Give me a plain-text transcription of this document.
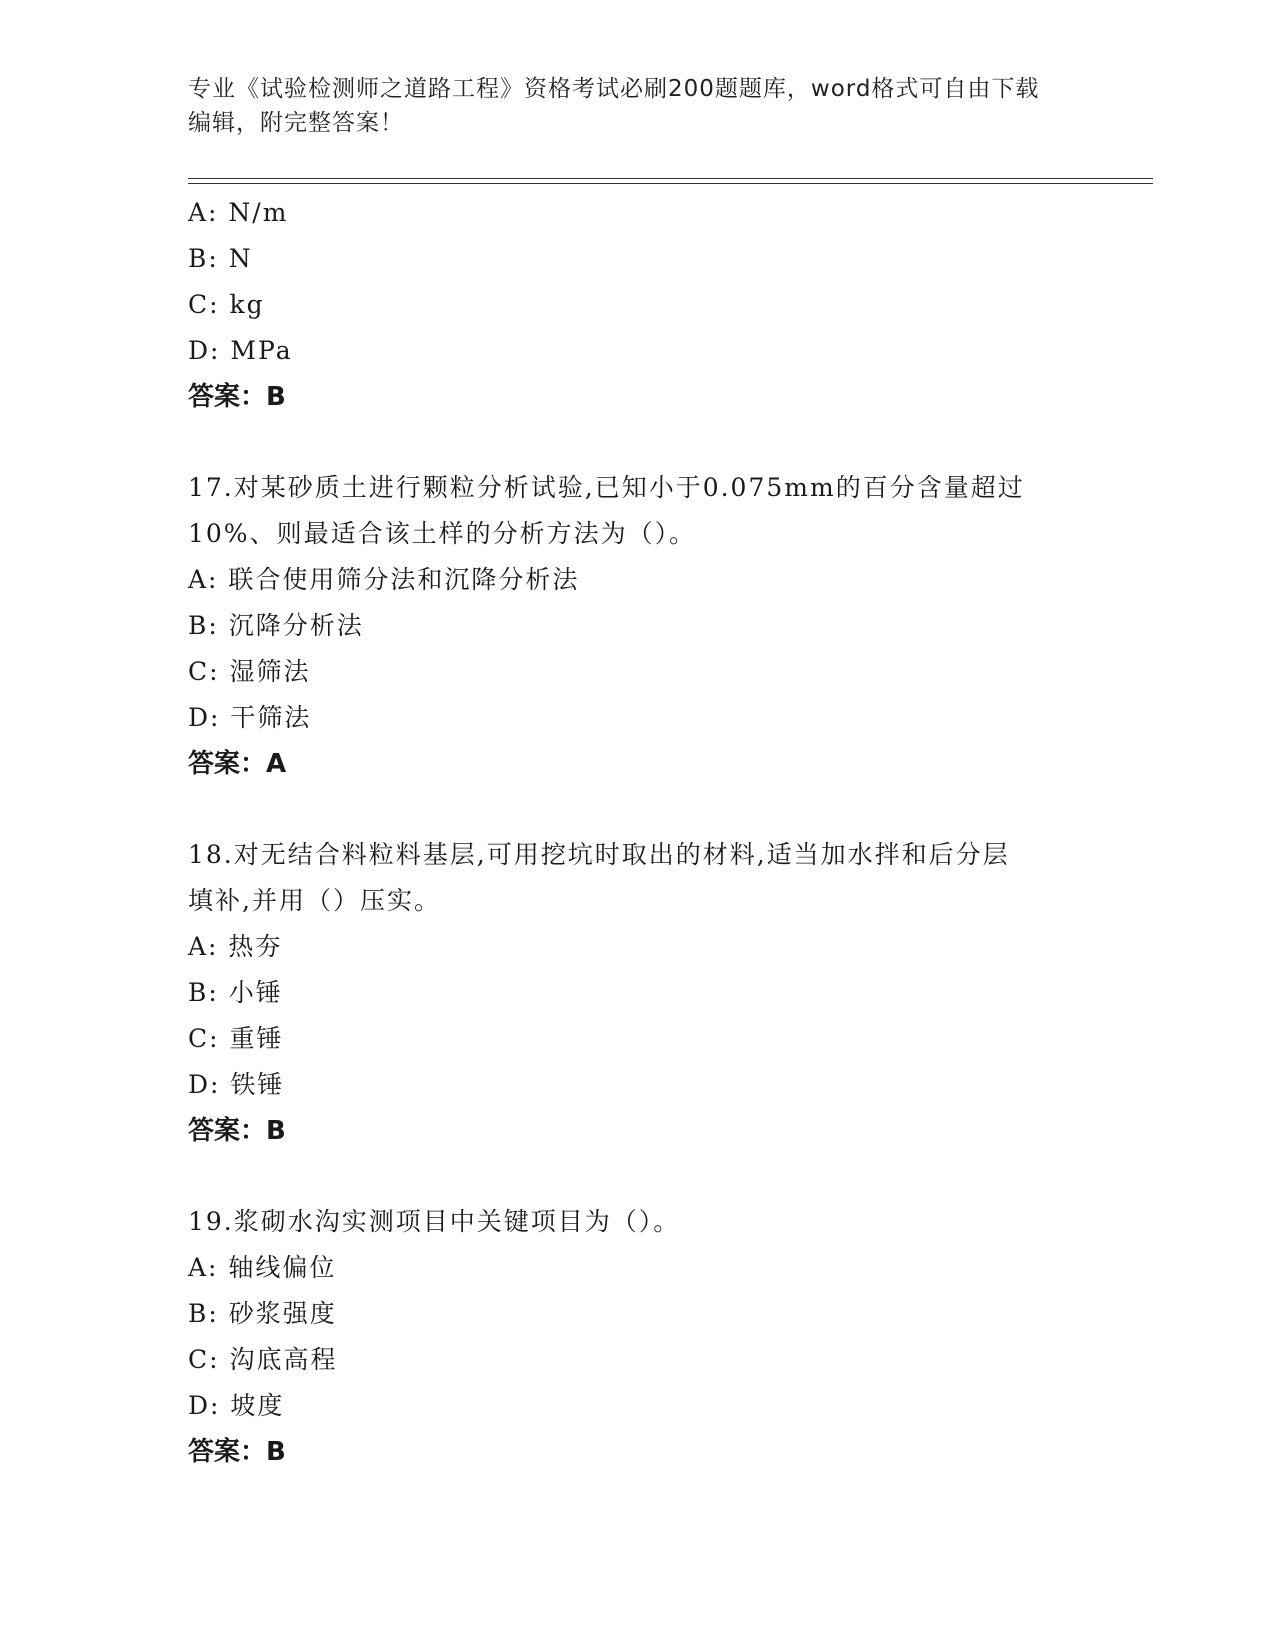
专业《试验检测师之道路工程》资格考试必刷200题题库，word格式可自由下载
编辑，附完整答案！
A: N/m
B: N
C: kg
D: MPa
答案：B
17.对某砂质土进行颗粒分析试验,已知小于0.075mm的百分含量超过
10%、则最适合该土样的分析方法为（）。
A: 联合使用筛分法和沉降分析法
B: 沉降分析法
C: 湿筛法
D: 干筛法
答案：A
18.对无结合料粒料基层,可用挖坑时取出的材料,适当加水拌和后分层
填补,并用（）压实。
A: 热夯
B: 小锤
C: 重锤
D: 铁锤
答案：B
19.浆砌水沟实测项目中关键项目为（）。
A: 轴线偏位
B: 砂浆强度
C: 沟底高程
D: 坡度
答案：B
